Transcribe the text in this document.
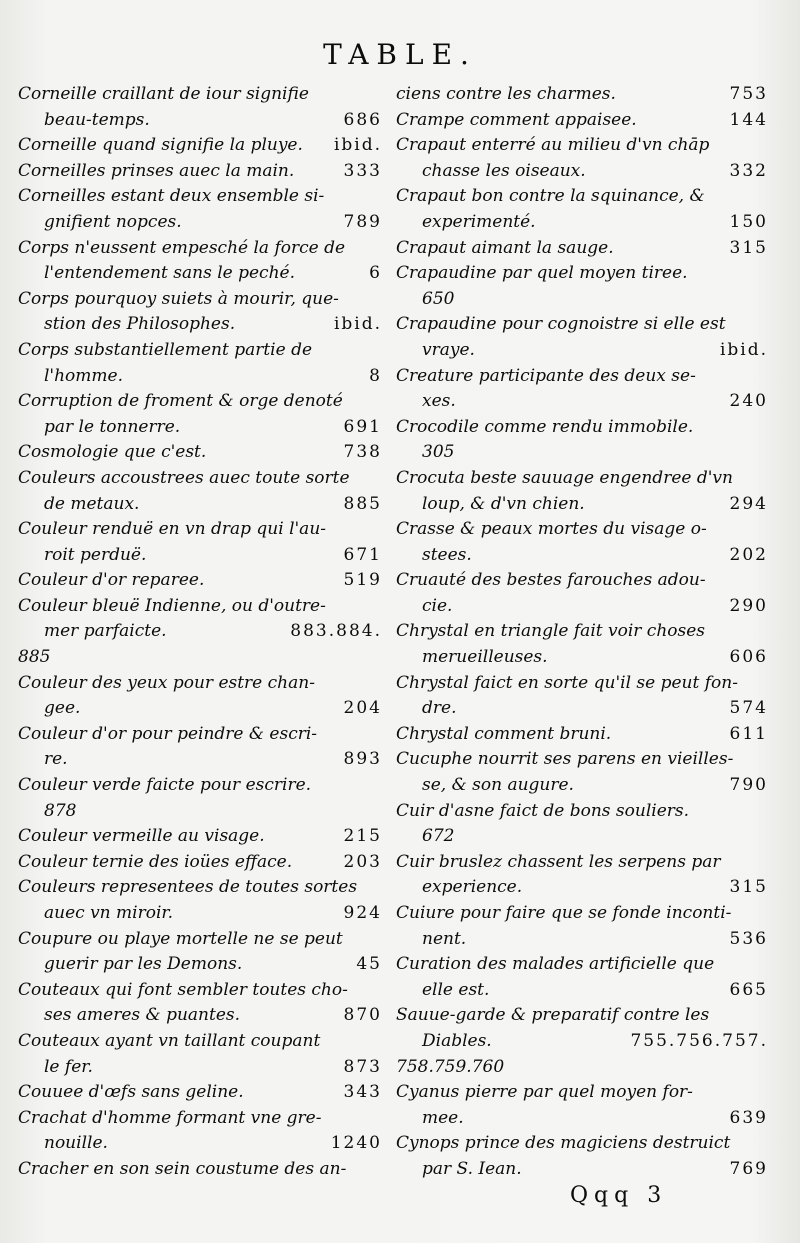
TABLE.
Corneille craillant de iour signifie
686
beau-temps.
ibid.
Corneille quand signifie la pluye.
333
Corneilles prinses auec la main.
Corneilles estant deux ensemble si-
789
gnifient nopces.
Corps n'eussent empesché la force de
6
l'entendement sans le peché.
Corps pourquoy suiets à mourir, que-
ibid.
stion des Philosophes.
Corps substantiellement partie de
8
l'homme.
Corruption de froment & orge denoté
691
par le tonnerre.
738
Cosmologie que c'est.
Couleurs accoustrees auec toute sorte
885
de metaux.
Couleur renduë en vn drap qui l'au-
671
roit perduë.
519
Couleur d'or reparee.
Couleur bleuë Indienne, ou d'outre-
883.884.
mer parfaicte.
885
Couleur des yeux pour estre chan-
204
gee.
Couleur d'or pour peindre & escri-
893
re.
Couleur verde faicte pour escrire.
878
215
Couleur vermeille au visage.
203
Couleur ternie des ioües efface.
Couleurs representees de toutes sortes
924
auec vn miroir.
Coupure ou playe mortelle ne se peut
45
guerir par les Demons.
Couteaux qui font sembler toutes cho-
870
ses ameres & puantes.
Couteaux ayant vn taillant coupant
873
le fer.
343
Couuee d'œfs sans geline.
Crachat d'homme formant vne gre-
1240
nouille.
Cracher en son sein coustume des an-
753
ciens contre les charmes.
144
Crampe comment appaisee.
Crapaut enterré au milieu d'vn chāp
332
chasse les oiseaux.
Crapaut bon contre la squinance, &
150
experimenté.
315
Crapaut aimant la sauge.
Crapaudine par quel moyen tiree.
650
Crapaudine pour cognoistre si elle est
ibid.
vraye.
Creature participante des deux se-
240
xes.
Crocodile comme rendu immobile.
305
Crocuta beste sauuage engendree d'vn
294
loup, & d'vn chien.
Crasse & peaux mortes du visage o-
202
stees.
Cruauté des bestes farouches adou-
290
cie.
Chrystal en triangle fait voir choses
606
merueilleuses.
Chrystal faict en sorte qu'il se peut fon-
574
dre.
611
Chrystal comment bruni.
Cucuphe nourrit ses parens en vieilles-
790
se, & son augure.
Cuir d'asne faict de bons souliers.
672
Cuir bruslez chassent les serpens par
315
experience.
Cuiure pour faire que se fonde inconti-
536
nent.
Curation des malades artificielle que
665
elle est.
Sauue-garde & preparatif contre les
755.756.757.
Diables.
758.759.760
Cyanus pierre par quel moyen for-
639
mee.
Cynops prince des magiciens destruict
769
par S. Iean.
Qqq 3
